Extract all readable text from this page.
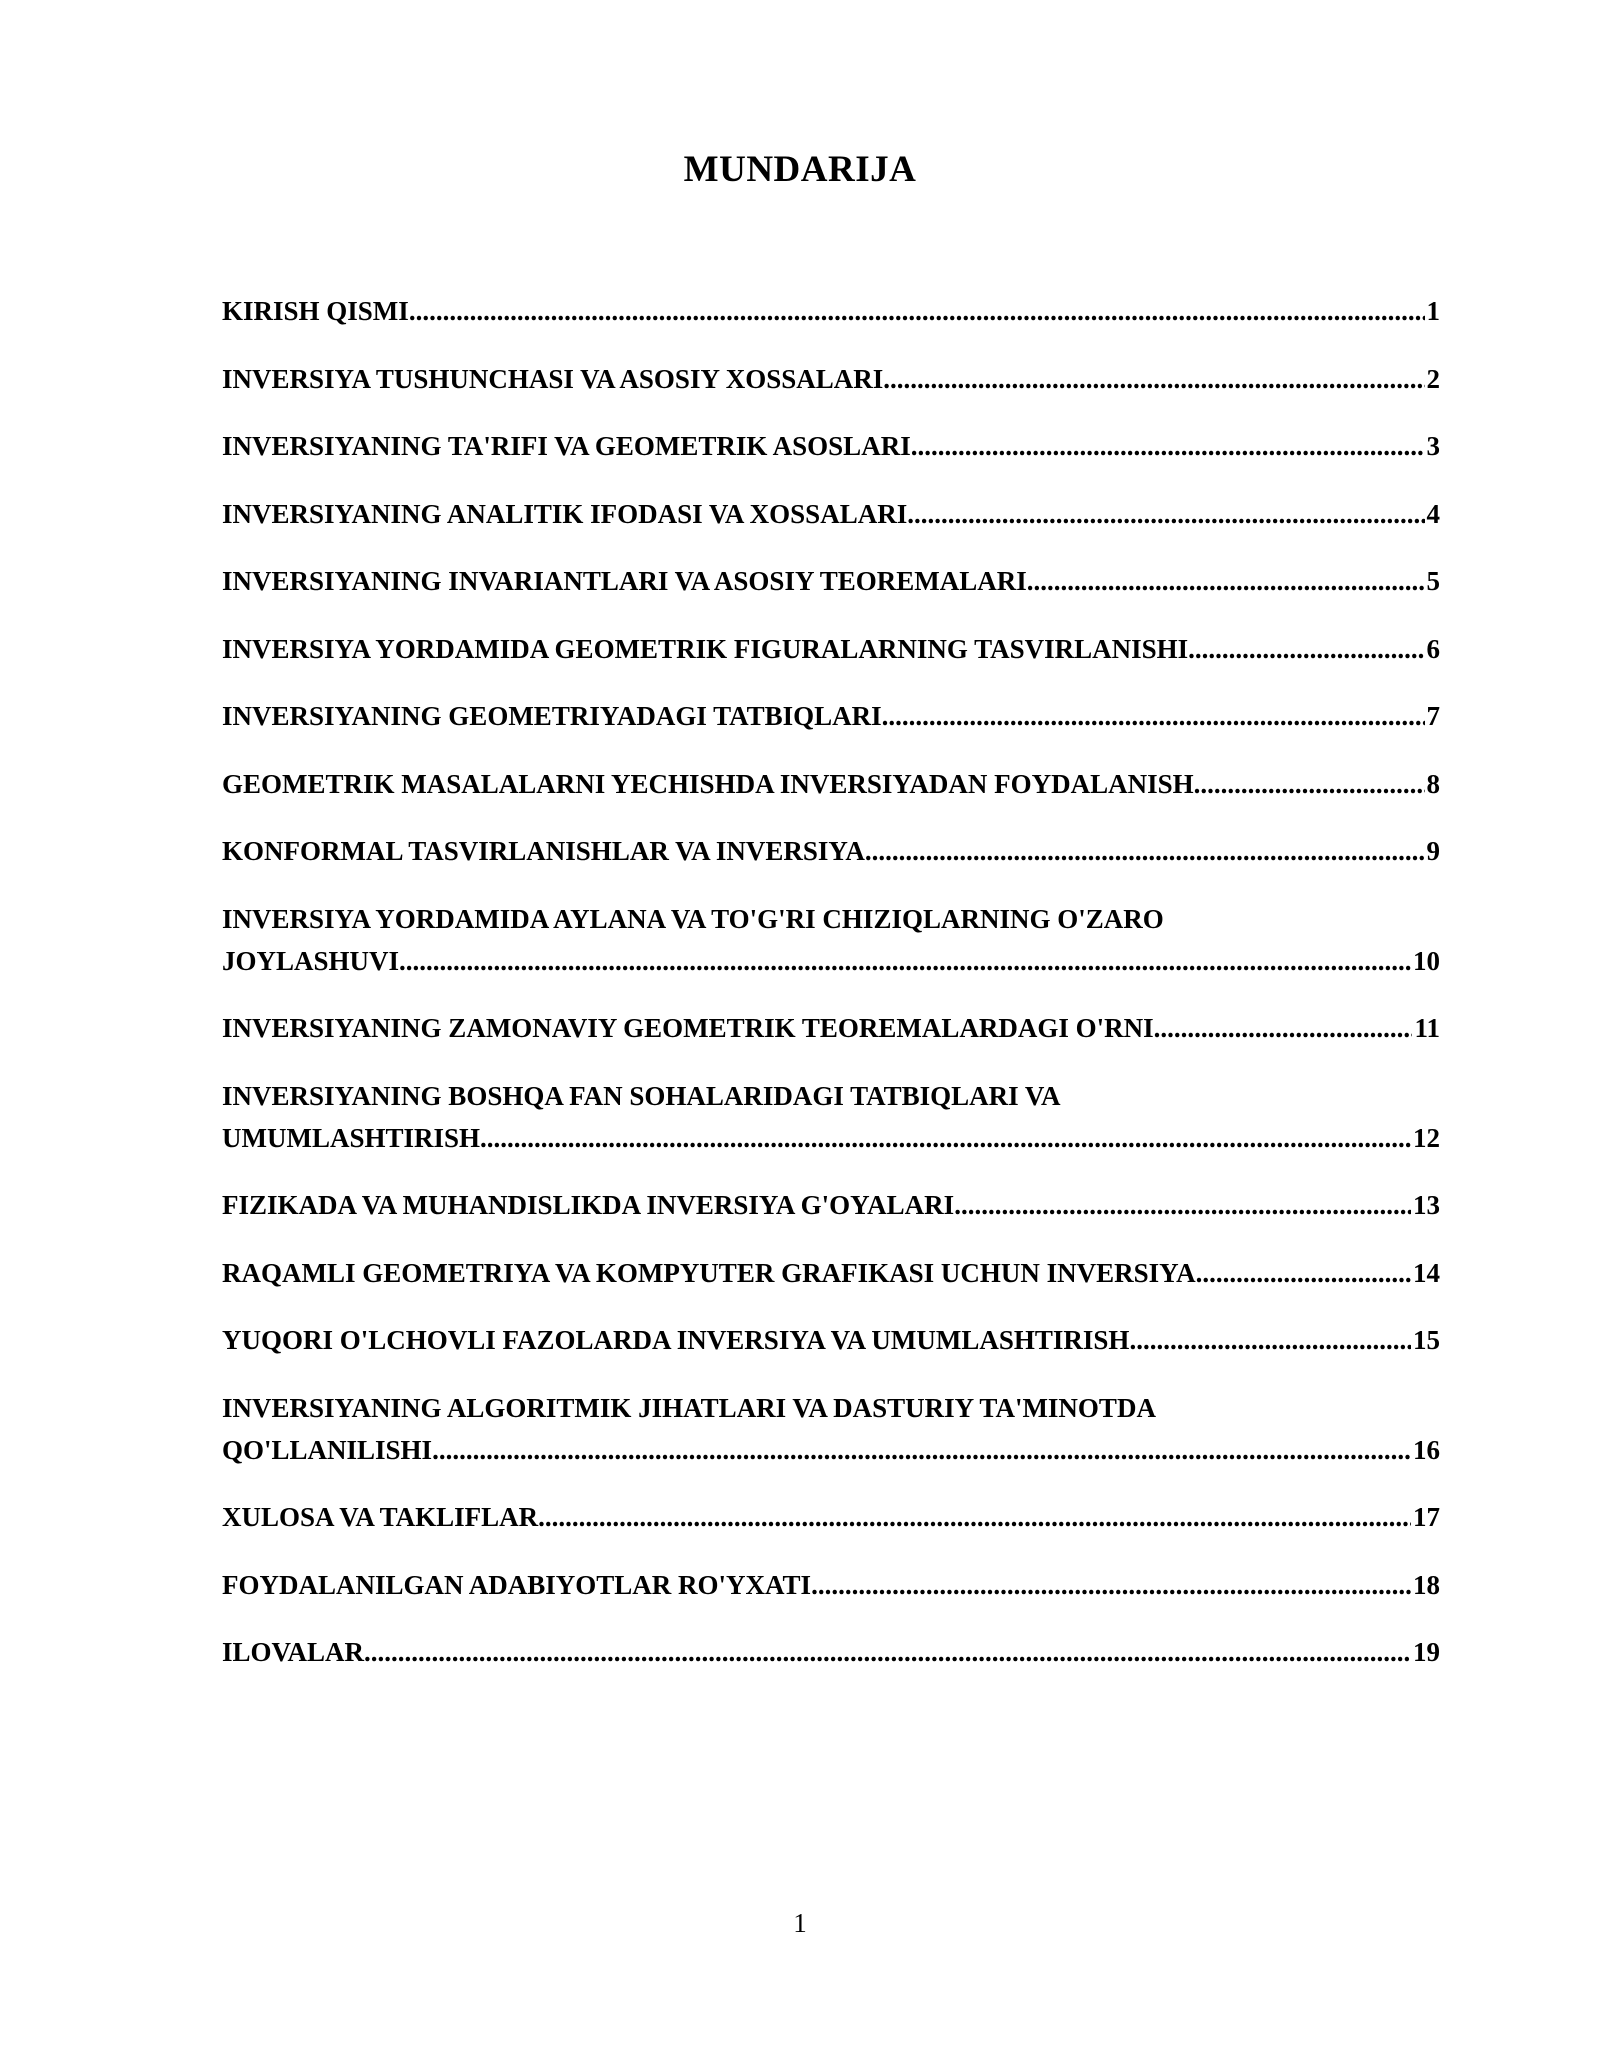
MUNDARIJA
KIRISH QISMI .....	1
INVERSIYA TUSHUNCHASI VA ASOSIY XOSSALARI .....	2
INVERSIYANING TA'RIFI VA GEOMETRIK ASOSLARI .....	3
INVERSIYANING ANALITIK IFODASI VA XOSSALARI .....	4
INVERSIYANING INVARIANTLARI VA ASOSIY TEOREMALARI .....	5
INVERSIYA YORDAMIDA GEOMETRIK FIGURALARNING TASVIRLANISHI .....	6
INVERSIYANING GEOMETRIYADAGI TATBIQLARI .....	7
GEOMETRIK MASALALARNI YECHISHDA INVERSIYADAN FOYDALANISH .....	8
KONFORMAL TASVIRLANISHLAR VA INVERSIYA .....	9
INVERSIYA YORDAMIDA AYLANA VA TO'G'RI CHIZIQLARNING O'ZARO
JOYLASHUVI .....	10
INVERSIYANING ZAMONAVIY GEOMETRIK TEOREMALARDAGI O'RNI .....	11
INVERSIYANING BOSHQA FAN SOHALARIDAGI TATBIQLARI VA
UMUMLASHTIRISH .....	12
FIZIKADA VA MUHANDISLIKDA INVERSIYA G'OYALARI .....	13
RAQAMLI GEOMETRIYA VA KOMPYUTER GRAFIKASI UCHUN INVERSIYA .....	14
YUQORI O'LCHOVLI FAZOLARDA INVERSIYA VA UMUMLASHTIRISH .....	15
INVERSIYANING ALGORITMIK JIHATLARI VA DASTURIY TA'MINOTDA
QO'LLANILISHI .....	16
XULOSA VA TAKLIFLAR .....	17
FOYDALANILGAN ADABIYOTLAR RO'YXATI .....	18
ILOVALAR .....	19
1
